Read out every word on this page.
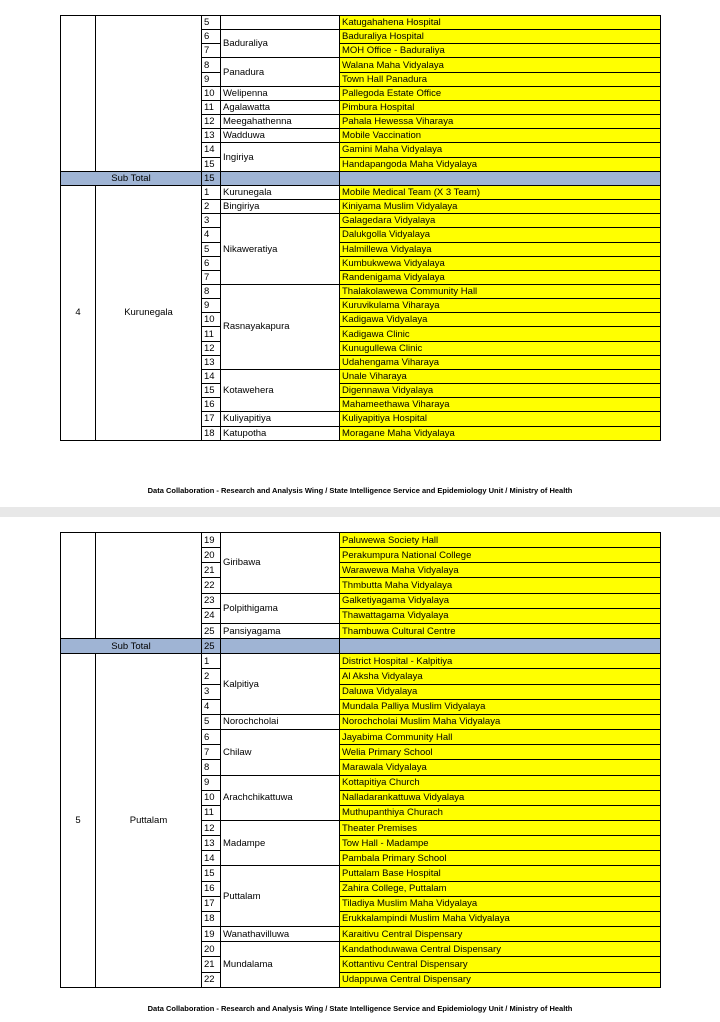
		5		Katugahahena Hospital
		6	Baduraliya	Baduraliya Hospital
		7		MOH Office - Baduraliya
		8	Panadura	Walana Maha Vidyalaya
		9		Town Hall Panadura
		10	Welipenna	Pallegoda Estate Office
		11	Agalawatta	Pimbura Hospital
		12	Meegahathenna	Pahala Hewessa Viharaya
		13	Wadduwa	Mobile Vaccination
		14	Ingiriya	Gamini Maha Vidyalaya
		15		Handapangoda Maha Vidyalaya
Sub Total		15		
4	Kurunegala	1	Kurunegala	Mobile Medical Team (X 3 Team)
		2	Bingiriya	Kiniyama Muslim Vidyalaya
		3	Nikaweratiya	Galagedara Vidyalaya
		4		Dalukgolla Vidyalaya
		5		Halmillewa Vidyalaya
		6		Kumbukwewa Vidyalaya
		7		Randenigama Vidyalaya
		8	Rasnayakapura	Thalakolawewa Community Hall
		9		Kuruvikulama Viharaya
		10		Kadigawa Vidyalaya
		11		Kadigawa Clinic
		12		Kunugullewa Clinic
		13		Udahengama Viharaya
		14	Kotawehera	Unale Viharaya
		15		Digennawa Vidyalaya
		16		Mahameethawa Viharaya
		17	Kuliyapitiya	Kuliyapitiya Hospital
		18	Katupotha	Moragane Maha Vidyalaya
Data Collaboration - Research and Analysis Wing / State Intelligence Service and Epidemiology Unit / Ministry of Health
		19	Giribawa	Paluwewa Society Hall
		20		Perakumpura National College
		21		Warawewa Maha Vidyalaya
		22		Thmbutta Maha Vidyalaya
		23	Polpithigama	Galketiyagama Vidyalaya
		24		Thawattagama Vidyalaya
		25	Pansiyagama	Thambuwa Cultural Centre
Sub Total		25		
5	Puttalam	1	Kalpitiya	District Hospital - Kalpitiya
		2		Al Aksha Vidyalaya
		3		Daluwa Vidyalaya
		4		Mundala Palliya Muslim Vidyalaya
		5	Norochcholai	Norochcholai Muslim Maha Vidyalaya
		6	Chilaw	Jayabima Community Hall
		7		Welia Primary School
		8		Marawala Vidyalaya
		9	Arachchikattuwa	Kottapitiya Church
		10		Nalladarankattuwa Vidyalaya
		11		Muthupanthiya Churach
		12	Madampe	Theater Premises
		13		Tow Hall - Madampe
		14		Pambala Primary School
		15	Puttalam	Puttalam Base Hospital
		16		Zahira College, Puttalam
		17		Tiladiya Muslim Maha Vidyalaya
		18		Erukkalampindi Muslim Maha Vidyalaya
		19	Wanathavilluwa	Karaitivu Central Dispensary
		20	Mundalama	Kandathoduwawa Central Dispensary
		21		Kottantivu Central Dispensary
		22		Udappuwa Central Dispensary
Data Collaboration - Research and Analysis Wing / State Intelligence Service and Epidemiology Unit / Ministry of Health
